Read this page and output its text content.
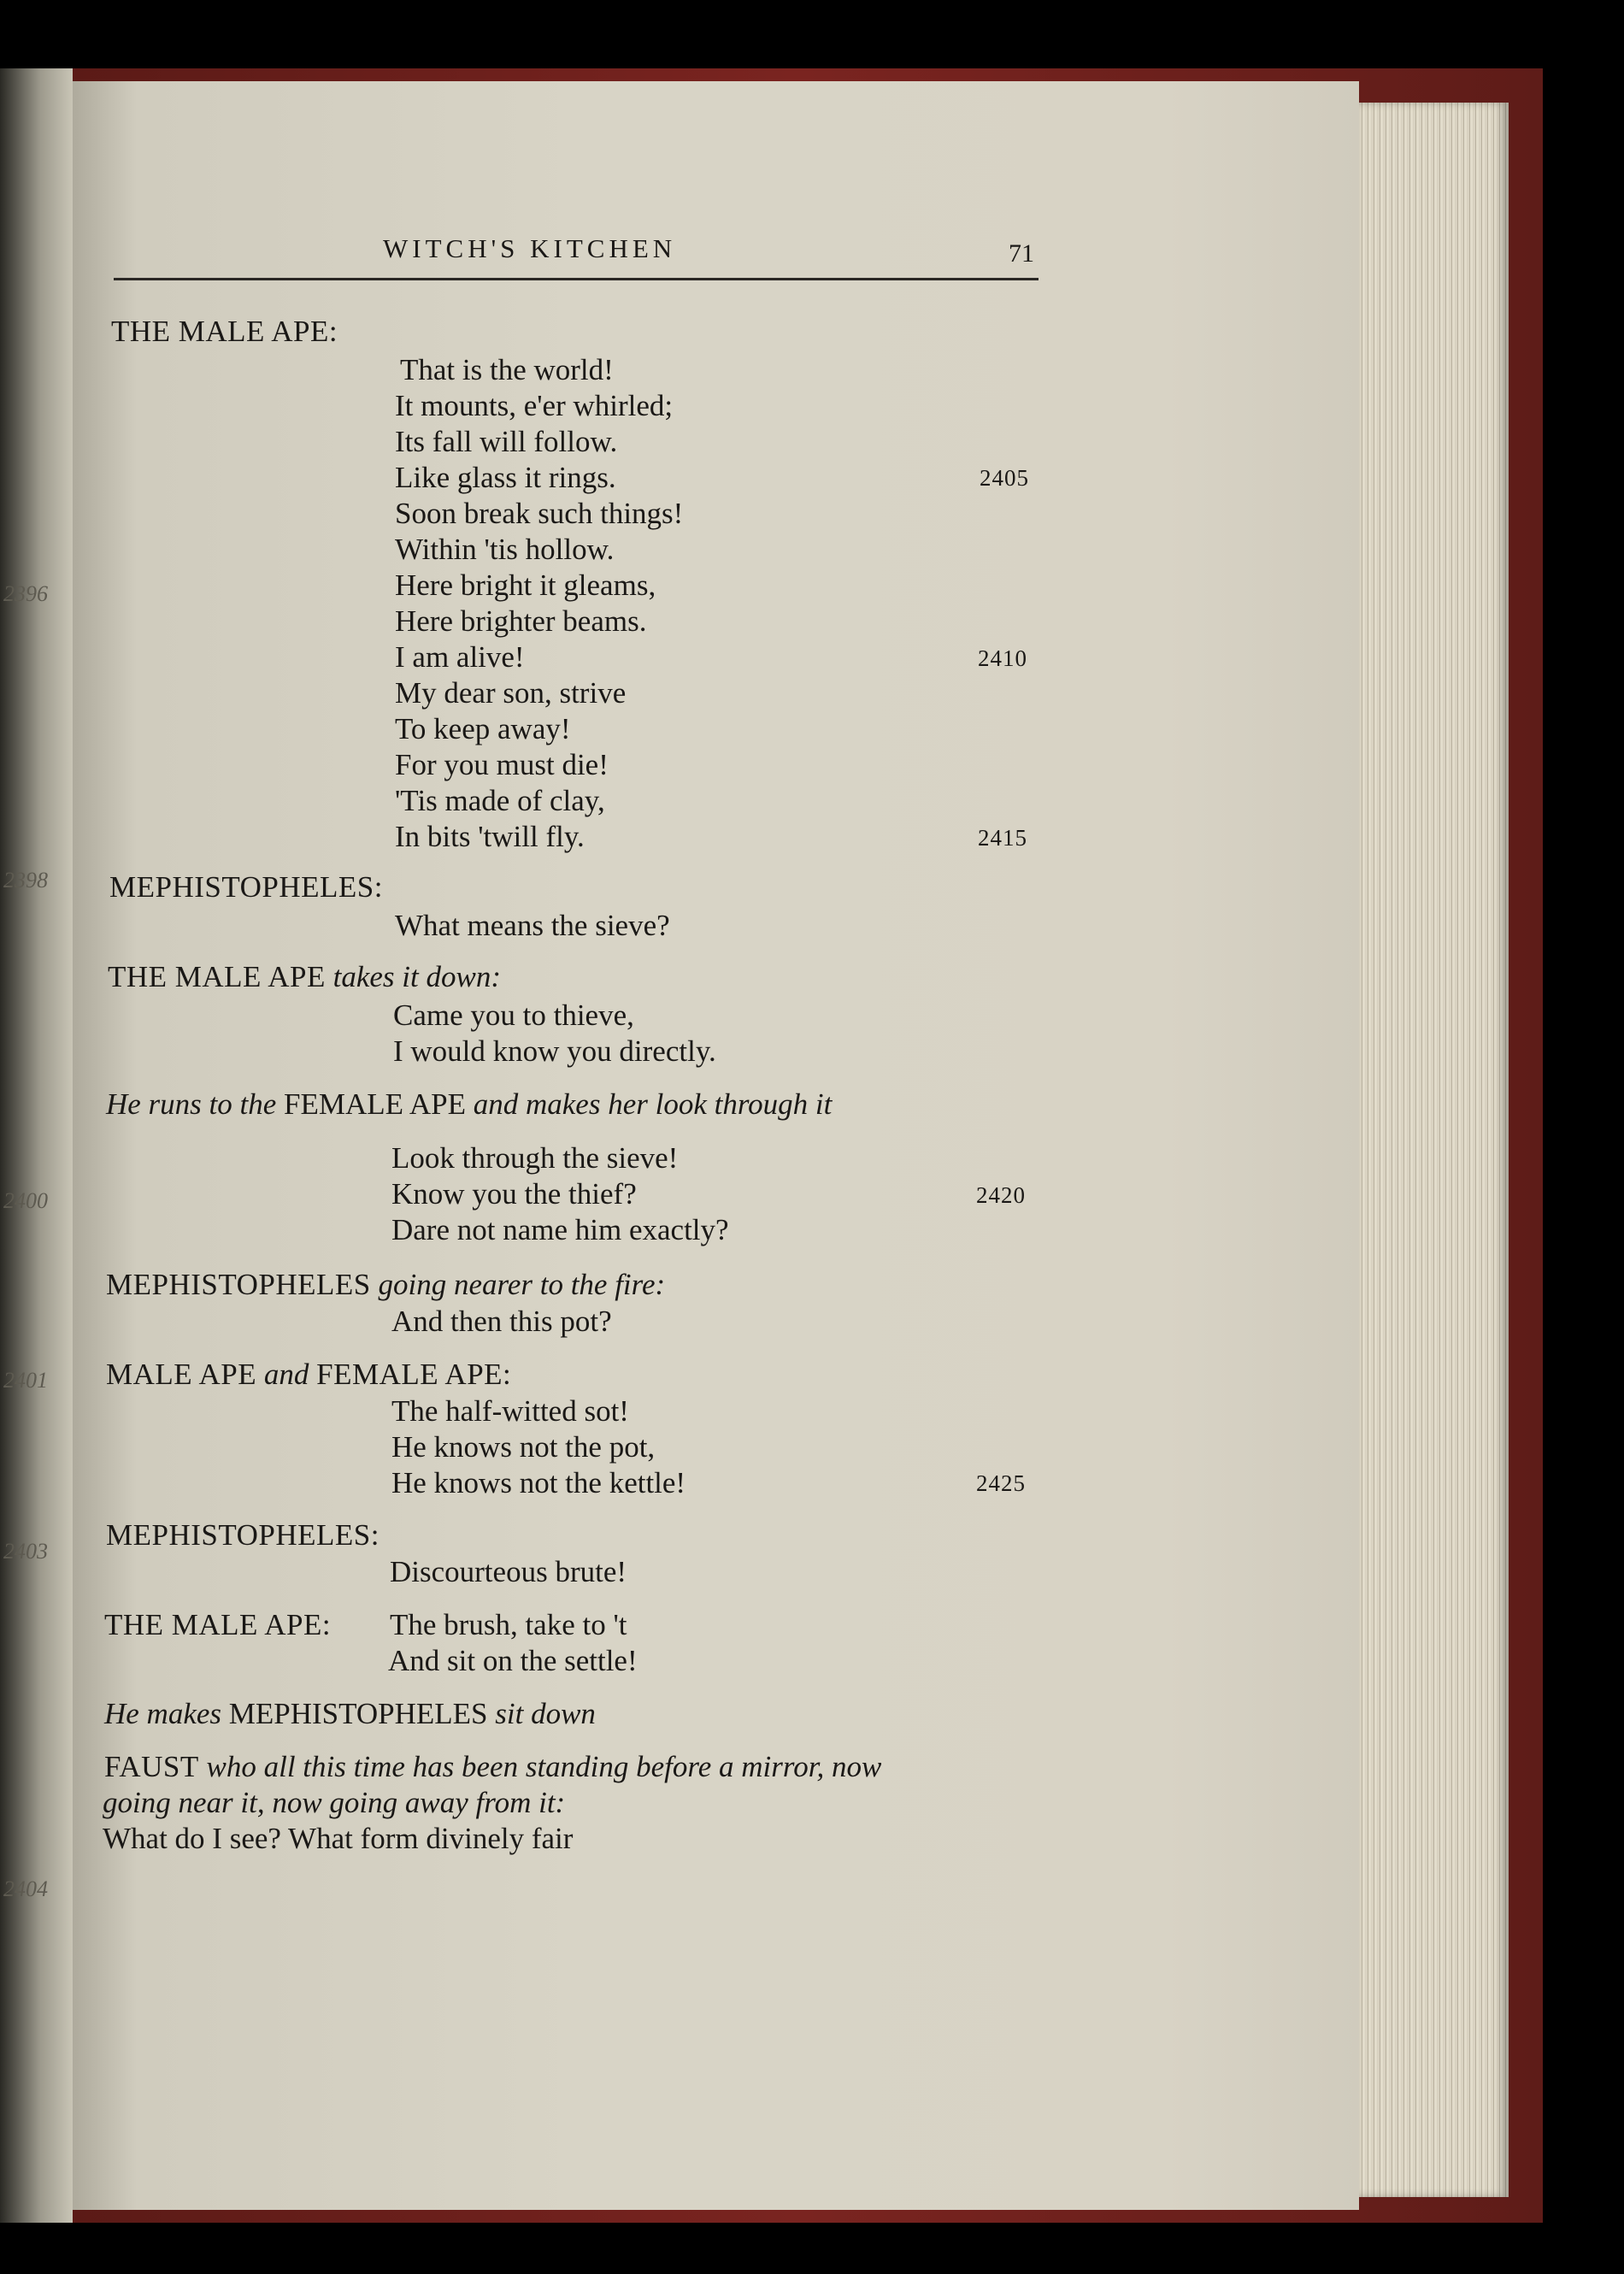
2396
2398
2400
2401
2403
2404
WITCH'S KITCHEN	71
THE MALE APE:
That is the world!
It mounts, e'er whirled;
Its fall will follow.
Like glass it rings.
Soon break such things!
Within 'tis hollow.
Here bright it gleams,
Here brighter beams.
I am alive!
My dear son, strive
To keep away!
For you must die!
'Tis made of clay,
In bits 'twill fly.
2405
2410
2415
MEPHISTOPHELES:
What means the sieve?
THE MALE APE takes it down:
Came you to thieve,
I would know you directly.
He runs to the FEMALE APE and makes her look through it
Look through the sieve!
Know you the thief?
Dare not name him exactly?
2420
MEPHISTOPHELES going nearer to the fire:
And then this pot?
MALE APE and FEMALE APE:
The half-witted sot!
He knows not the pot,
He knows not the kettle!	2425
MEPHISTOPHELES:
Discourteous brute!
THE MALE APE: The brush, take to 't
And sit on the settle!
He makes MEPHISTOPHELES sit down
FAUST who all this time has been standing before a mirror, now
going near it, now going away from it:
What do I see? What form divinely fair
